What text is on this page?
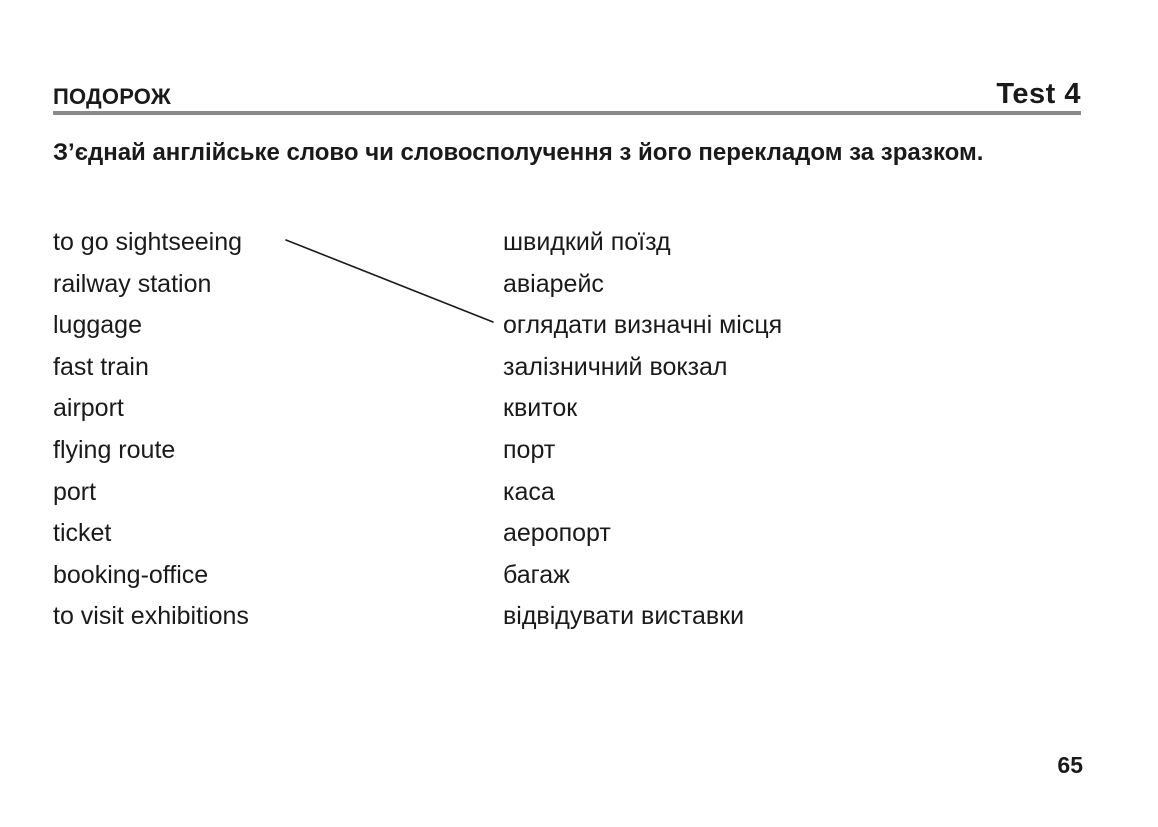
ПОДОРОЖ	Test 4
З’єднай англійське слово чи словосполучення з його перекладом за зразком.
to go sightseeing
railway station
luggage
fast train
airport
flying route
port
ticket
booking-office
to visit exhibitions
швидкий поїзд
авіарейс
оглядати визначні місця
залізничний вокзал
квиток
порт
каса
аеропорт
багаж
відвідувати виставки
65
